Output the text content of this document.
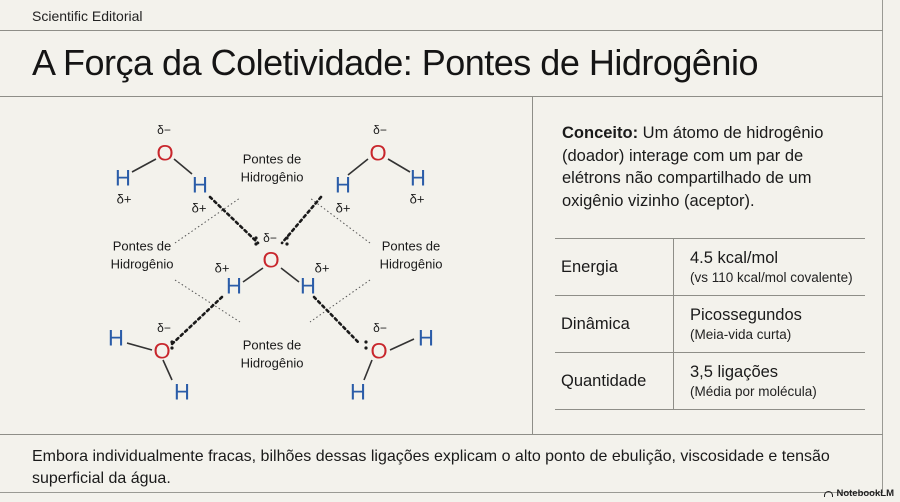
Scientific Editorial
A Força da Coletividade: Pontes de Hidrogênio
δ−
O
H	H
δ+
δ+
δ−
O
H	H
δ+
δ+
δ−
O
H	H
δ+	δ+
δ−
O
H
H
δ−
O
H
H
Pontes de
Hidrogênio
Pontes de
Hidrogênio
Pontes de
Hidrogênio
Pontes de
Hidrogênio
Conceito: Um átomo de hidrogênio (doador) interage com um par de elétrons não compartilhado de um oxigênio vizinho (aceptor).
Energia	4.5 kcal/mol
(vs 110 kcal/mol covalente)

Dinâmica	Picossegundos
(Meia-vida curta)

Quantidade	3,5 ligações
(Média por molécula)
Embora individualmente fracas, bilhões dessas ligações explicam o alto ponto de ebulição, viscosidade e tensão superficial da água.
NotebookLM
